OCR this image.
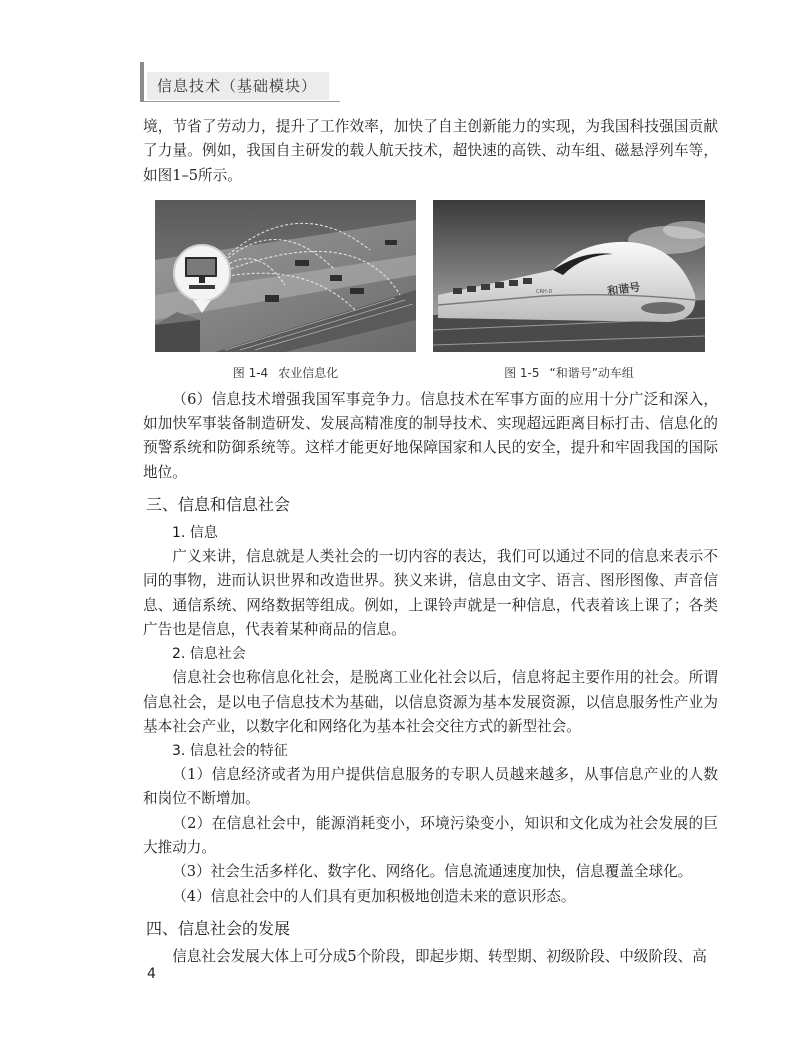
信息技术（基础模块）

境，节省了劳动力，提升了工作效率，加快了自主创新能力的实现，为我国科技强国贡献了力量。例如，我国自主研发的载人航天技术，超快速的高铁、动车组、磁悬浮列车等，如图1–5所示。

图 1-4 农业信息化
CRH-D	和谐号
图 1-5 “和谐号”动车组

（6）信息技术增强我国军事竞争力。信息技术在军事方面的应用十分广泛和深入，如加快军事装备制造研发、发展高精准度的制导技术、实现超远距离目标打击、信息化的预警系统和防御系统等。这样才能更好地保障国家和人民的安全，提升和牢固我国的国际地位。

三、信息和信息社会
1. 信息

广义来讲，信息就是人类社会的一切内容的表达，我们可以通过不同的信息来表示不同的事物，进而认识世界和改造世界。狭义来讲，信息由文字、语言、图形图像、声音信息、通信系统、网络数据等组成。例如，上课铃声就是一种信息，代表着该上课了；各类广告也是信息，代表着某种商品的信息。

2. 信息社会

信息社会也称信息化社会，是脱离工业化社会以后，信息将起主要作用的社会。所谓信息社会，是以电子信息技术为基础，以信息资源为基本发展资源，以信息服务性产业为基本社会产业，以数字化和网络化为基本社会交往方式的新型社会。

3. 信息社会的特征

（1）信息经济或者为用户提供信息服务的专职人员越来越多，从事信息产业的人数和岗位不断增加。

（2）在信息社会中，能源消耗变小，环境污染变小，知识和文化成为社会发展的巨大推动力。

（3）社会生活多样化、数字化、网络化。信息流通速度加快，信息覆盖全球化。

（4）信息社会中的人们具有更加积极地创造未来的意识形态。

四、信息社会的发展

信息社会发展大体上可分成5个阶段，即起步期、转型期、初级阶段、中级阶段、高

4
